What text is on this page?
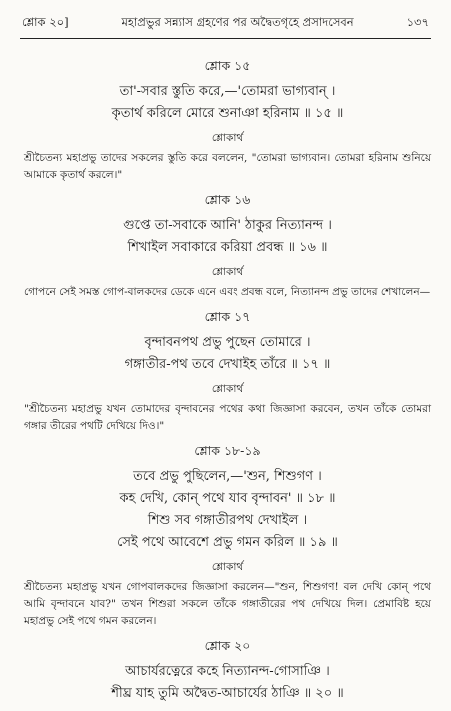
শ্লোক ২০]	মহাপ্রভুর সন্ন্যাস গ্রহণের পর অদ্বৈতগৃহে প্রসাদসেবন	১৩৭
শ্লোক ১৫
তা'-সবার স্তুতি করে,—'তোমরা ভাগ্যবান্ ।
কৃতার্থ করিলে মোরে শুনাঞা হরিনাম ॥ ১৫ ॥
শ্লোকার্থ
শ্রীচৈতন্য মহাপ্রভু তাদের সকলের স্তুতি করে বললেন, "তোমরা ভাগ্যবান। তোমরা হরিনাম শুনিয়ে আমাকে কৃতার্থ করলে।"
শ্লোক ১৬
গুপ্তে তা-সবাকে আনি' ঠাকুর নিত্যানন্দ ।
শিখাইল সবাকারে করিয়া প্রবন্ধ ॥ ১৬ ॥
শ্লোকার্থ
গোপনে সেই সমস্ত গোপ-বালকদের ডেকে এনে এবং প্রবন্ধ বলে, নিত্যানন্দ প্রভু তাদের শেখালেন—
শ্লোক ১৭
বৃন্দাবনপথ প্রভু পুছেন তোমারে ।
গঙ্গাতীর-পথ তবে দেখাইহ তাঁরে ॥ ১৭ ॥
শ্লোকার্থ
"শ্রীচৈতন্য মহাপ্রভু যখন তোমাদের বৃন্দাবনের পথের কথা জিজ্ঞাসা করবেন, তখন তাঁকে তোমরা গঙ্গার তীরের পথটি দেখিয়ে দিও।"
শ্লোক ১৮-১৯
তবে প্রভু পুছিলেন,—'শুন, শিশুগণ ।
কহ দেখি, কোন্ পথে যাব বৃন্দাবন' ॥ ১৮ ॥
শিশু সব গঙ্গাতীরপথ দেখাইল ।
সেই পথে আবেশে প্রভু গমন করিল ॥ ১৯ ॥
শ্লোকার্থ
শ্রীচৈতন্য মহাপ্রভু যখন গোপবালকদের জিজ্ঞাসা করলেন—"শুন, শিশুগণ! বল দেখি কোন্ পথে আমি বৃন্দাবনে যাব?" তখন শিশুরা সকলে তাঁকে গঙ্গাতীরের পথ দেখিয়ে দিল। প্রেমাবিষ্ট হয়ে মহাপ্রভু সেই পথে গমন করলেন।
শ্লোক ২০
আচার্যরত্নেরে কহে নিত্যানন্দ-গোসাঞি ।
শীঘ্র যাহ তুমি অদ্বৈত-আচার্যের ঠাঞি ॥ ২০ ॥
